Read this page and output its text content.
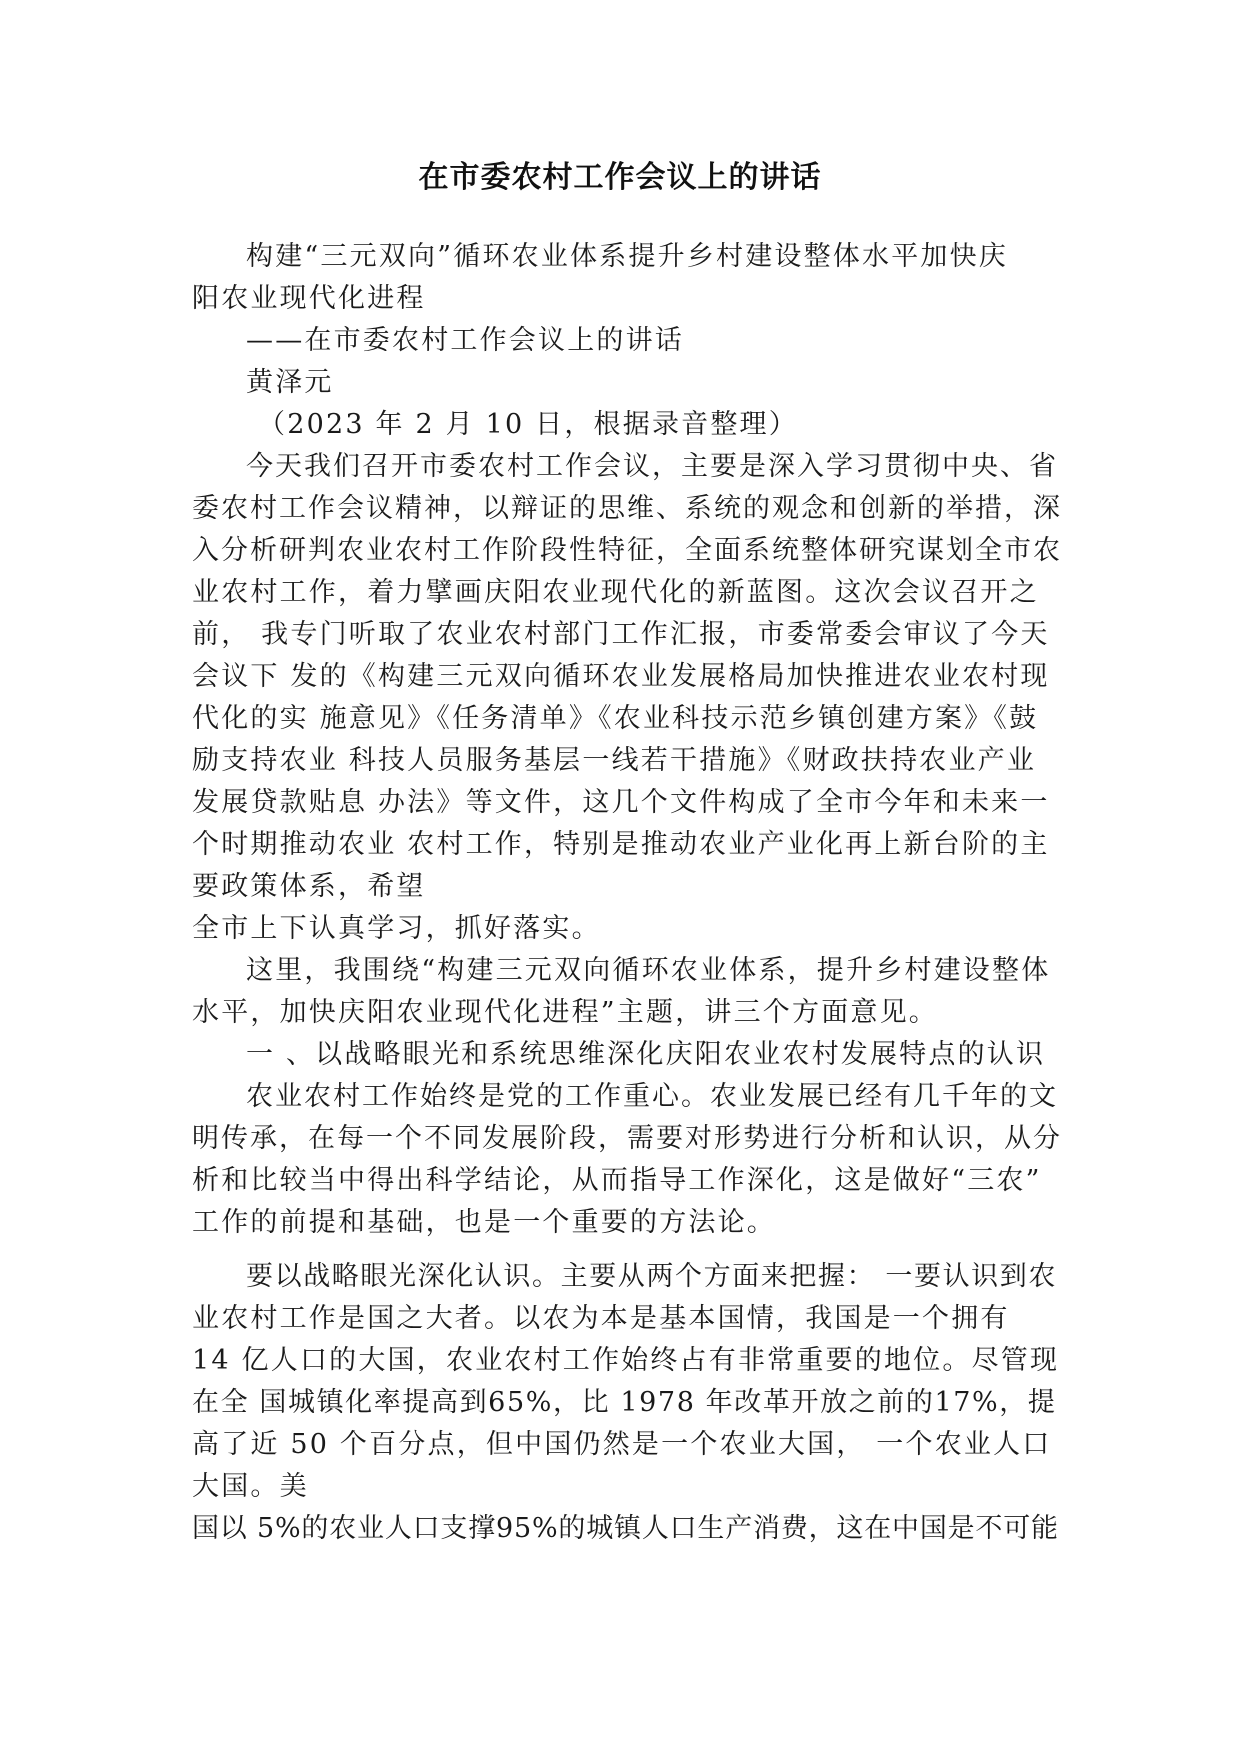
在市委农村工作会议上的讲话
构建“三元双向”循环农业体系提升乡村建设整体水平加快庆
阳农业现代化进程
——在市委农村工作会议上的讲话
黄泽元
（2023 年 2 月 10 日，根据录音整理）
今天我们召开市委农村工作会议，主要是深入学习贯彻中央、省
委农村工作会议精神，以辩证的思维、系统的观念和创新的举措，深
入分析研判农业农村工作阶段性特征，全面系统整体研究谋划全市农
业农村工作，着力擘画庆阳农业现代化的新蓝图。这次会议召开之
前， 我专门听取了农业农村部门工作汇报，市委常委会审议了今天
会议下 发的《构建三元双向循环农业发展格局加快推进农业农村现
代化的实 施意见》《任务清单》《农业科技示范乡镇创建方案》《鼓
励支持农业 科技人员服务基层一线若干措施》《财政扶持农业产业
发展贷款贴息 办法》等文件，这几个文件构成了全市今年和未来一
个时期推动农业 农村工作，特别是推动农业产业化再上新台阶的主
要政策体系，希望
全市上下认真学习，抓好落实。
这里，我围绕“构建三元双向循环农业体系，提升乡村建设整体
水平，加快庆阳农业现代化进程”主题，讲三个方面意见。
一 、以战略眼光和系统思维深化庆阳农业农村发展特点的认识
农业农村工作始终是党的工作重心。农业发展已经有几千年的文
明传承，在每一个不同发展阶段，需要对形势进行分析和认识，从分
析和比较当中得出科学结论，从而指导工作深化，这是做好“三农”
工作的前提和基础，也是一个重要的方法论。
要以战略眼光深化认识。主要从两个方面来把握： 一要认识到农
业农村工作是国之大者。以农为本是基本国情，我国是一个拥有
14 亿人口的大国，农业农村工作始终占有非常重要的地位。尽管现
在全 国城镇化率提高到65%，比 1978 年改革开放之前的17%，提
高了近 50 个百分点，但中国仍然是一个农业大国， 一个农业人口
大国。美
国以 5%的农业人口支撑95%的城镇人口生产消费，这在中国是不可能
